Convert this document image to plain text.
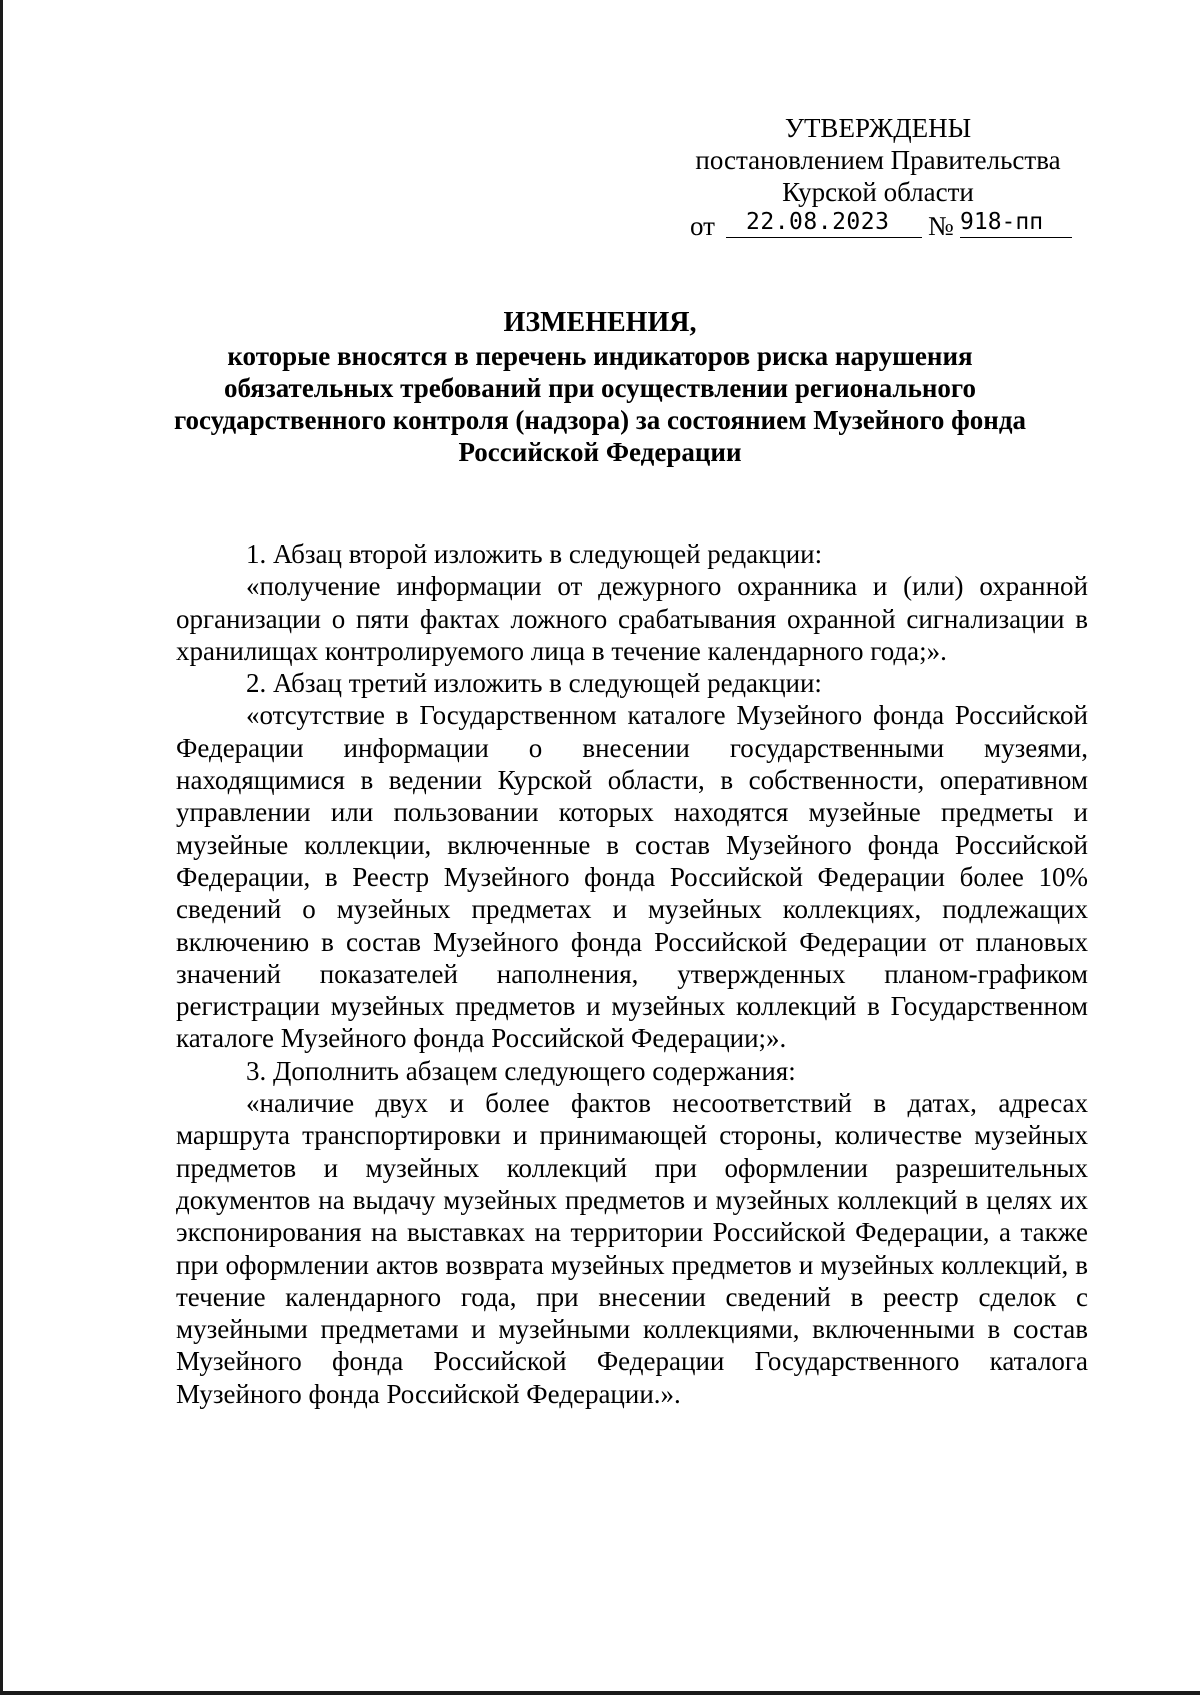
УТВЕРЖДЕНЫ
постановлением Правительства
Курской области
от	22.08.2023	№ 918-пп
ИЗМЕНЕНИЯ,
которые вносятся в перечень индикаторов риска нарушения обязательных требований при осуществлении регионального государственного контроля (надзора) за состоянием Музейного фонда Российской Федерации

1. Абзац второй изложить в следующей редакции:

«получение информации от дежурного охранника и (или) охранной организации о пяти фактах ложного срабатывания охранной сигнализации в хранилищах контролируемого лица в течение календарного года;».

2. Абзац третий изложить в следующей редакции:

«отсутствие в Государственном каталоге Музейного фонда Российской Федерации информации о внесении государственными музеями, находящимися в ведении Курской области, в собственности, оперативном управлении или пользовании которых находятся музейные предметы и музейные коллекции, включенные в состав Музейного фонда Российской Федерации, в Реестр Музейного фонда Российской Федерации более 10% сведений о музейных предметах и музейных коллекциях, подлежащих включению в состав Музейного фонда Российской Федерации от плановых значений показателей наполнения, утвержденных планом-графиком регистрации музейных предметов и музейных коллекций в Государственном каталоге Музейного фонда Российской Федерации;».

3. Дополнить абзацем следующего содержания:

«наличие двух и более фактов несоответствий в датах, адресах маршрута транспортировки и принимающей стороны, количестве музейных предметов и музейных коллекций при оформлении разрешительных документов на выдачу музейных предметов и музейных коллекций в целях их экспонирования на выставках на территории Российской Федерации, а также при оформлении актов возврата музейных предметов и музейных коллекций, в течение календарного года, при внесении сведений в реестр сделок с музейными предметами и музейными коллекциями, включенными в состав Музейного фонда Российской Федерации Государственного каталога Музейного фонда Российской Федерации.».
